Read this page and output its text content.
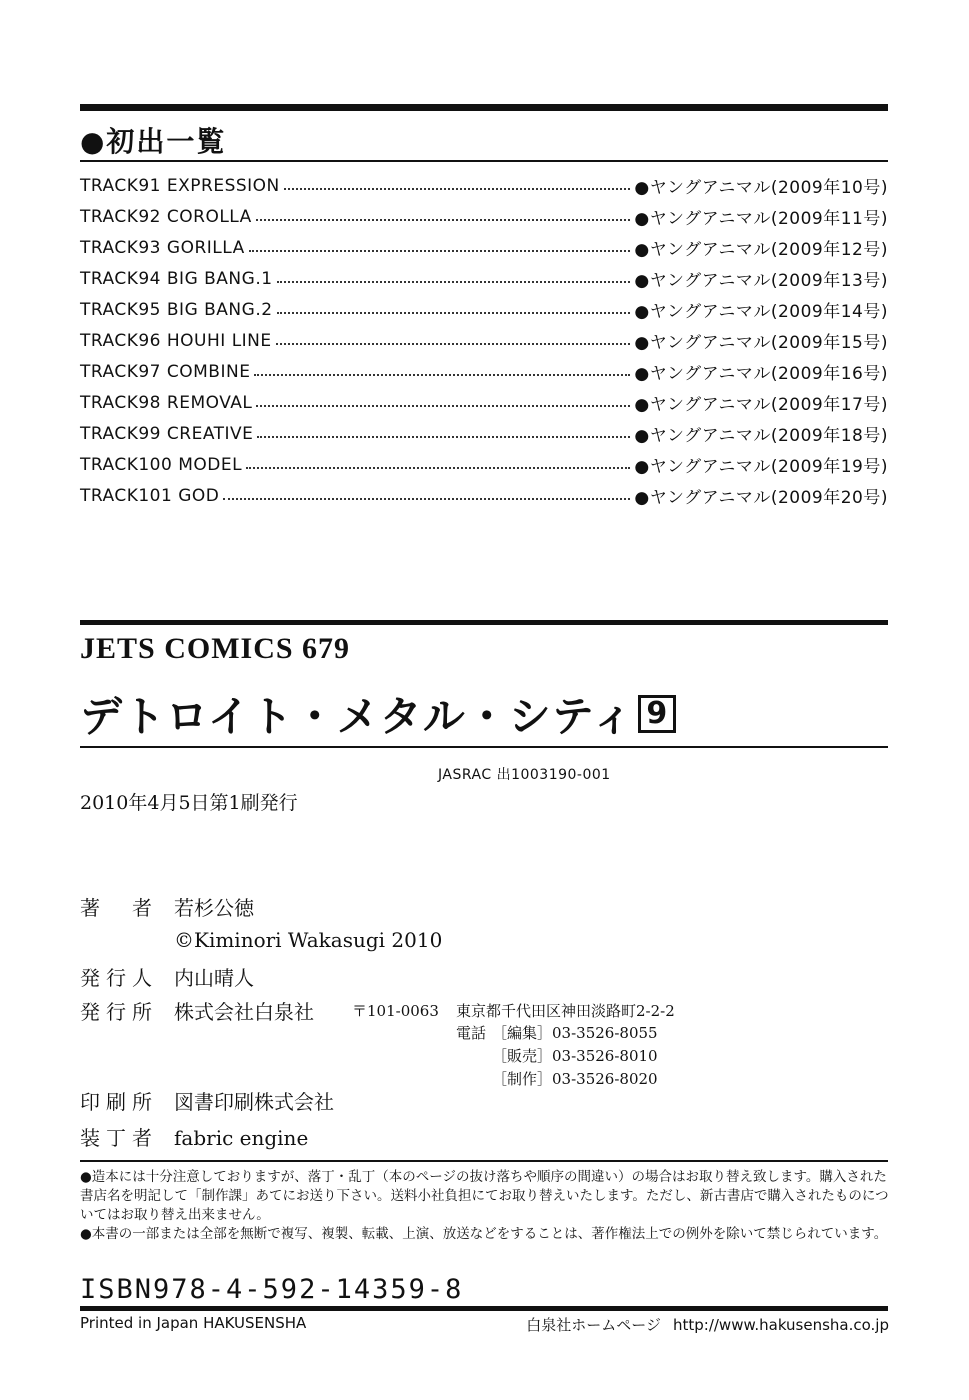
●初出一覧
TRACK91 EXPRESSION	●ヤングアニマル(2009年10号)
TRACK92 COROLLA	●ヤングアニマル(2009年11号)
TRACK93 GORILLA	●ヤングアニマル(2009年12号)
TRACK94 BIG BANG.1	●ヤングアニマル(2009年13号)
TRACK95 BIG BANG.2	●ヤングアニマル(2009年14号)
TRACK96 HOUHI LINE	●ヤングアニマル(2009年15号)
TRACK97 COMBINE	●ヤングアニマル(2009年16号)
TRACK98 REMOVAL	●ヤングアニマル(2009年17号)
TRACK99 CREATIVE	●ヤングアニマル(2009年18号)
TRACK100 MODEL	●ヤングアニマル(2009年19号)
TRACK101 GOD	●ヤングアニマル(2009年20号)
JETS COMICS 679
デトロイト・メタル・シティ 9
JASRAC 出1003190-001
2010年4月5日第1刷発行
著　者 若杉公徳
©Kiminori Wakasugi 2010
発行人 内山晴人
発行所 株式会社白泉社	〒101-0063 東京都千代田区神田淡路町2-2-2
電話 ［編集］03-3526-8055
［販売］03-3526-8010
［制作］03-3526-8020
印刷所 図書印刷株式会社
装丁者 fabric engine
●造本には十分注意しておりますが、落丁・乱丁（本のページの抜け落ちや順序の間違い）の場合はお取り替え致します。購入された書店名を明記して「制作課」あてにお送り下さい。送料小社負担にてお取り替えいたします。ただし、新古書店で購入されたものについてはお取り替え出来ません。
●本書の一部または全部を無断で複写、複製、転載、上演、放送などをすることは、著作権法上での例外を除いて禁じられています。
ISBN978-4-592-14359-8
Printed in Japan HAKUSENSHA	白泉社ホームページ http://www.hakusensha.co.jp
